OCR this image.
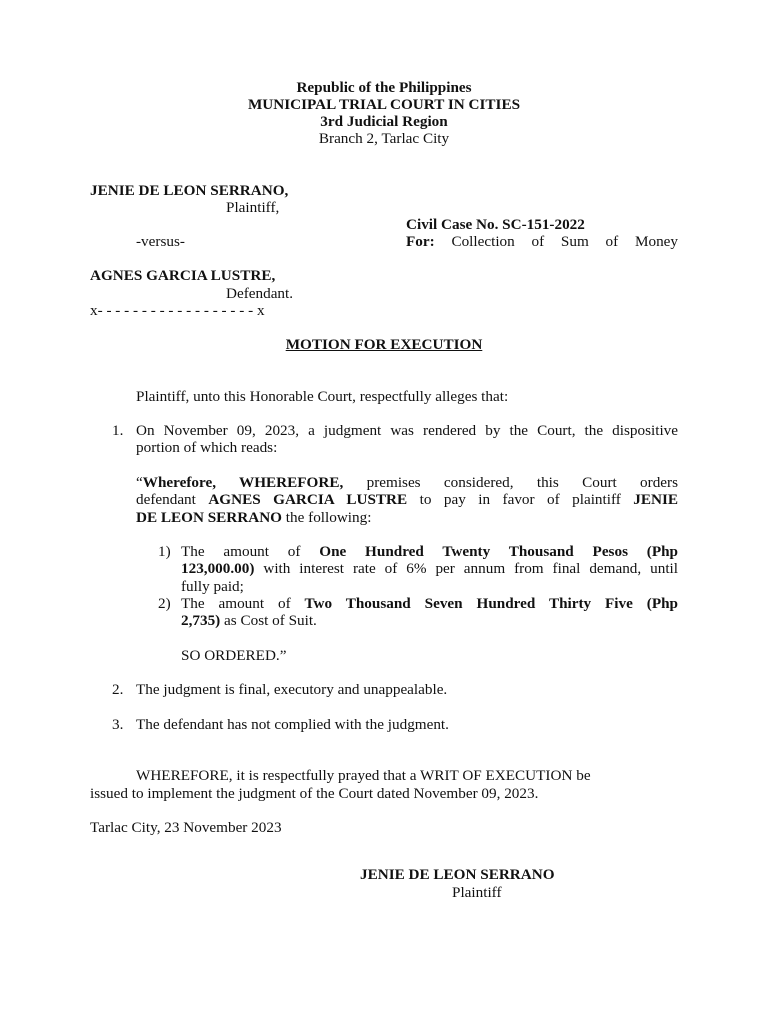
Republic of the Philippines
MUNICIPAL TRIAL COURT IN CITIES
3rd Judicial Region
Branch 2, Tarlac City
JENIE DE LEON SERRANO,
Plaintiff,
Civil Case No. SC-151-2022
-versus-	For: Collection of Sum of Money
AGNES GARCIA LUSTRE,
Defendant.
x- - - - - - - - - - - - - - - - - - x
MOTION FOR EXECUTION
Plaintiff, unto this Honorable Court, respectfully alleges that:
1. On November 09, 2023, a judgment was rendered by the Court, the dispositive
portion of which reads:
“Wherefore, WHEREFORE, premises considered, this Court orders
defendant AGNES GARCIA LUSTRE to pay in favor of plaintiff JENIE
DE LEON SERRANO the following:
1) The amount of One Hundred Twenty Thousand Pesos (Php
123,000.00) with interest rate of 6% per annum from final demand, until
fully paid;
2) The amount of Two Thousand Seven Hundred Thirty Five (Php
2,735) as Cost of Suit.
SO ORDERED.”
2. The judgment is final, executory and unappealable.
3. The defendant has not complied with the judgment.
WHEREFORE, it is respectfully prayed that a WRIT OF EXECUTION be
issued to implement the judgment of the Court dated November 09, 2023.
Tarlac City, 23 November 2023
JENIE DE LEON SERRANO
Plaintiff
